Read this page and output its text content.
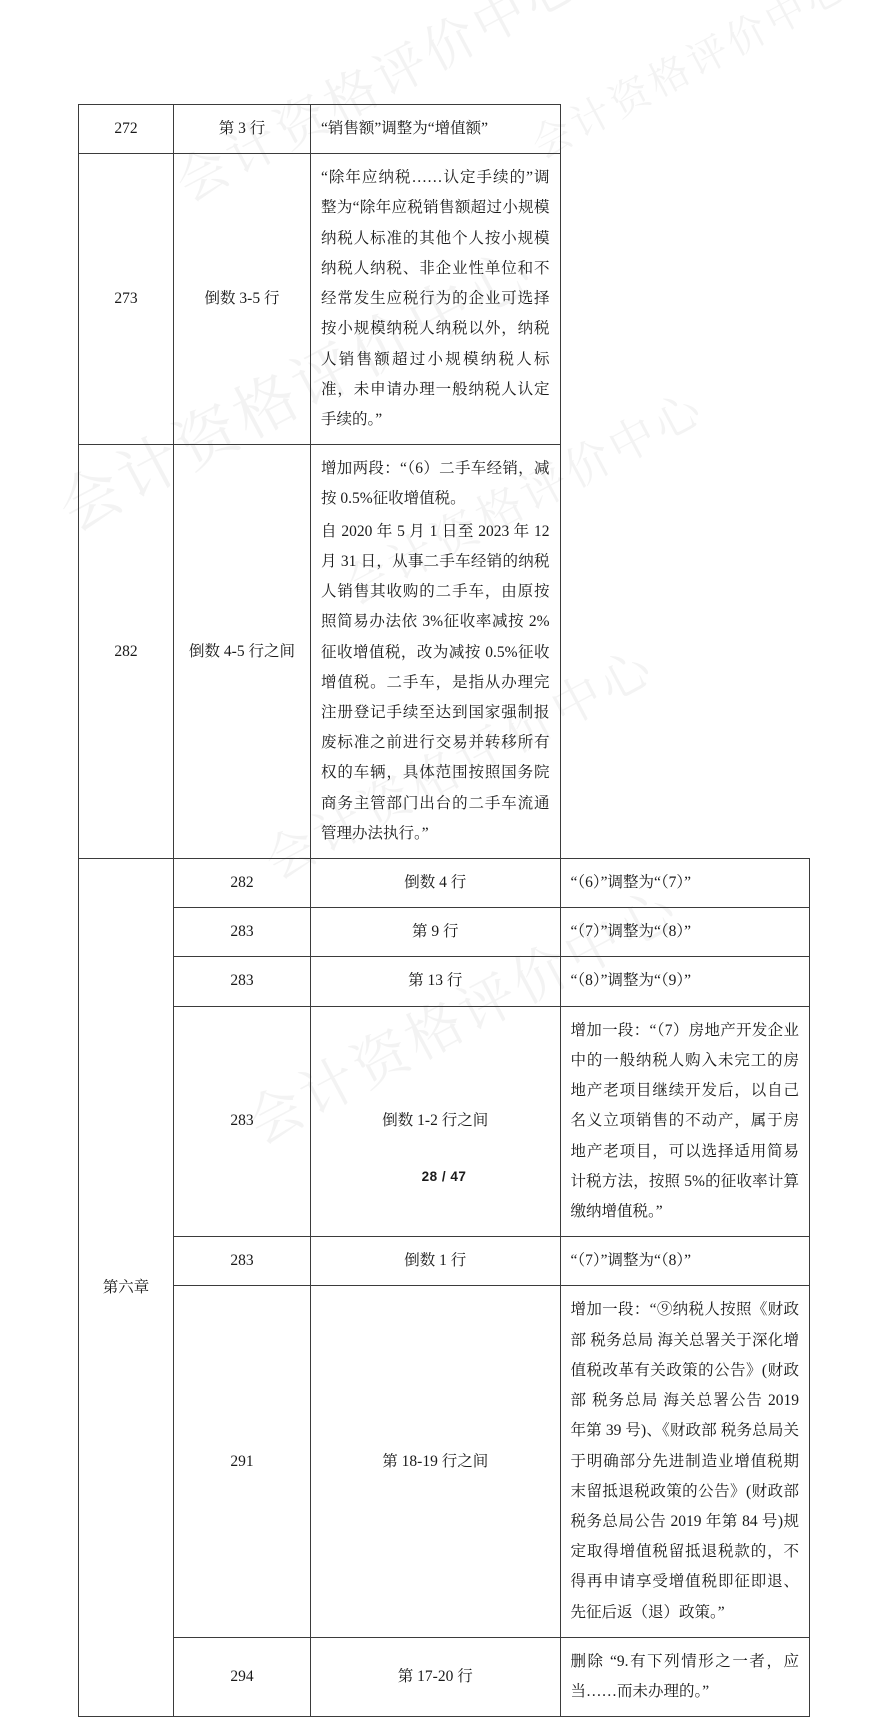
272	第 3 行	“销售额”调整为“增值额”	

273	倒数 3-5 行	“除年应纳税……认定手续的”调整为“除年应税销售额超过小规模纳税人标准的其他个人按小规模纳税人纳税、非企业性单位和不经常发生应税行为的企业可选择按小规模纳税人纳税以外，纳税人销售额超过小规模纳税人标准，未申请办理一般纳税人认定手续的。”	

282	倒数 4-5 行之间	增加两段：“（6）二手车经销，减按 0.5%征收增值税。

自 2020 年 5 月 1 日至 2023 年 12 月 31 日，从事二手车经销的纳税人销售其收购的二手车，由原按照简易办法依 3%征收率减按 2%征收增值税，改为减按 0.5%征收增值税。二手车，是指从办理完注册登记手续至达到国家强制报废标准之前进行交易并转移所有权的车辆，具体范围按照国务院商务主管部门出台的二手车流通管理办法执行。”	

第六章	282	倒数 4 行	“（6）”调整为“（7）”

	283	第 9 行	“（7）”调整为“（8）”

	283	第 13 行	“（8）”调整为“（9）”

	283	倒数 1-2 行之间	增加一段：“（7）房地产开发企业中的一般纳税人购入未完工的房地产老项目继续开发后，以自己名义立项销售的不动产，属于房地产老项目，可以选择适用简易计税方法，按照 5%的征收率计算缴纳增值税。”

	283	倒数 1 行	“（7）”调整为“（8）”

	291	第 18-19 行之间	增加一段：“⑨纳税人按照《财政部 税务总局 海关总署关于深化增值税改革有关政策的公告》(财政部 税务总局 海关总署公告 2019 年第 39 号)、《财政部 税务总局关于明确部分先进制造业增值税期末留抵退税政策的公告》(财政部 税务总局公告 2019 年第 84 号)规定取得增值税留抵退税款的，不得再申请享受增值税即征即退、先征后返（退）政策。”

	294	第 17-20 行	删除 “9.有下列情形之一者，应当……而未办理的。”

28 / 47
